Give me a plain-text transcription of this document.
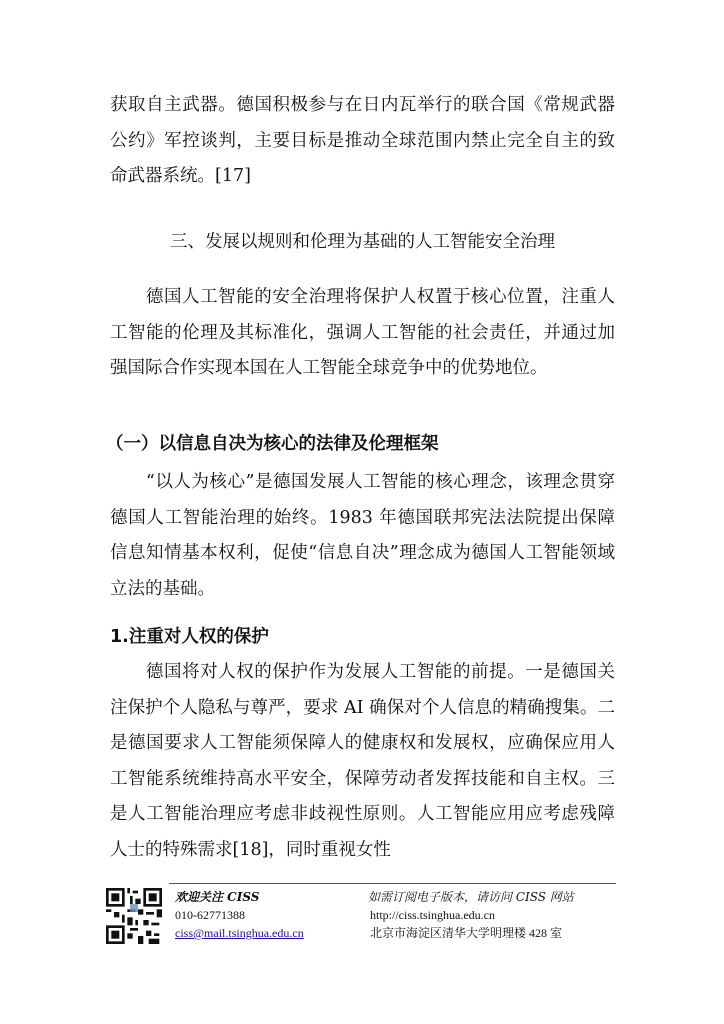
获取自主武器。德国积极参与在日内瓦举行的联合国《常规武器公约》军控谈判，主要目标是推动全球范围内禁止完全自主的致命武器系统。[17]

三、发展以规则和伦理为基础的人工智能安全治理

德国人工智能的安全治理将保护人权置于核心位置，注重人工智能的伦理及其标准化，强调人工智能的社会责任，并通过加强国际合作实现本国在人工智能全球竞争中的优势地位。

（一）以信息自决为核心的法律及伦理框架

“以人为核心”是德国发展人工智能的核心理念，该理念贯穿德国人工智能治理的始终。1983 年德国联邦宪法法院提出保障信息知情基本权利，促使“信息自决”理念成为德国人工智能领域立法的基础。

1.注重对人权的保护

德国将对人权的保护作为发展人工智能的前提。一是德国关注保护个人隐私与尊严，要求 AI 确保对个人信息的精确搜集。二是德国要求人工智能须保障人的健康权和发展权，应确保应用人工智能系统维持高水平安全，保障劳动者发挥技能和自主权。三是人工智能治理应考虑非歧视性原则。人工智能应用应考虑残障人士的特殊需求[18]，同时重视女性

欢迎关注 CISS
010-62771388
ciss@mail.tsinghua.edu.cn
如需订阅电子版本，请访问 CISS 网站
http://ciss.tsinghua.edu.cn
北京市海淀区清华大学明理楼 428 室
